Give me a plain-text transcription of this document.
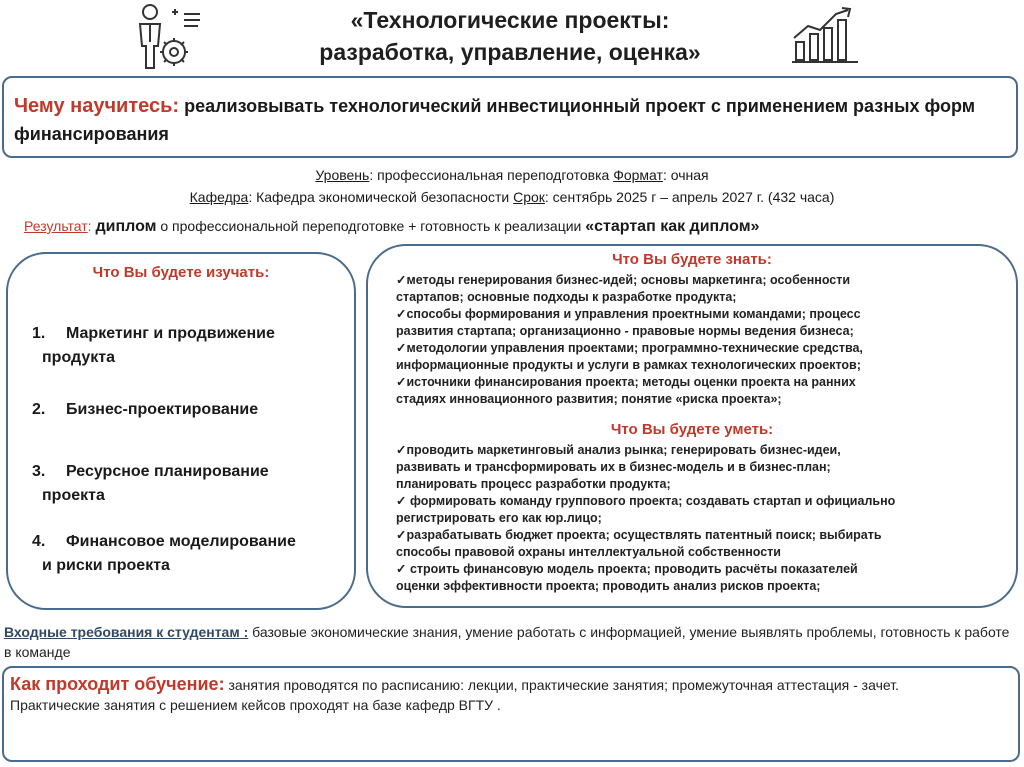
«Технологические проекты:
разработка, управление, оценка»
Чему научитесь: реализовывать технологический инвестиционный проект с применением разных форм финансирования
Уровень: профессиональная переподготовка Формат: очная
Кафедра: Кафедра экономической безопасности Срок: сентябрь 2025 г – апрель 2027 г. (432 часа)
Результат: диплом о профессиональной переподготовке + готовность к реализации «стартап как диплом»
Что Вы будете изучать:
1. Маркетинг и продвижение
продукта
2. Бизнес-проектирование
3. Ресурсное планирование
проекта
4. Финансовое моделирование
и риски проекта
Что Вы будете знать:
✓методы генерирования бизнес-идей; основы маркетинга; особенности
стартапов; основные подходы к разработке продукта;
✓способы формирования и управления проектными командами; процесс
развития стартапа; организационно - правовые нормы ведения бизнеса;
✓методологии управления проектами; программно-технические средства,
информационные продукты и услуги в рамках технологических проектов;
✓источники финансирования проекта; методы оценки проекта на ранних
стадиях инновационного развития; понятие «риска проекта»;
Что Вы будете уметь:
✓проводить маркетинговый анализ рынка; генерировать бизнес-идеи,
развивать и трансформировать их в бизнес-модель и в бизнес-план;
планировать процесс разработки продукта;
✓ формировать команду группового проекта; создавать стартап и официально
регистрировать его как юр.лицо;
✓разрабатывать бюджет проекта; осуществлять патентный поиск; выбирать
способы правовой охраны интеллектуальной собственности
✓ строить финансовую модель проекта; проводить расчёты показателей
оценки эффективности проекта; проводить анализ рисков проекта;
Входные требования к студентам : базовые экономические знания, умение работать с информацией, умение выявлять проблемы, готовность к работе в команде
Как проходит обучение: занятия проводятся по расписанию: лекции, практические занятия; промежуточная аттестация - зачет.
Практические занятия с решением кейсов проходят на базе кафедр ВГТУ .
